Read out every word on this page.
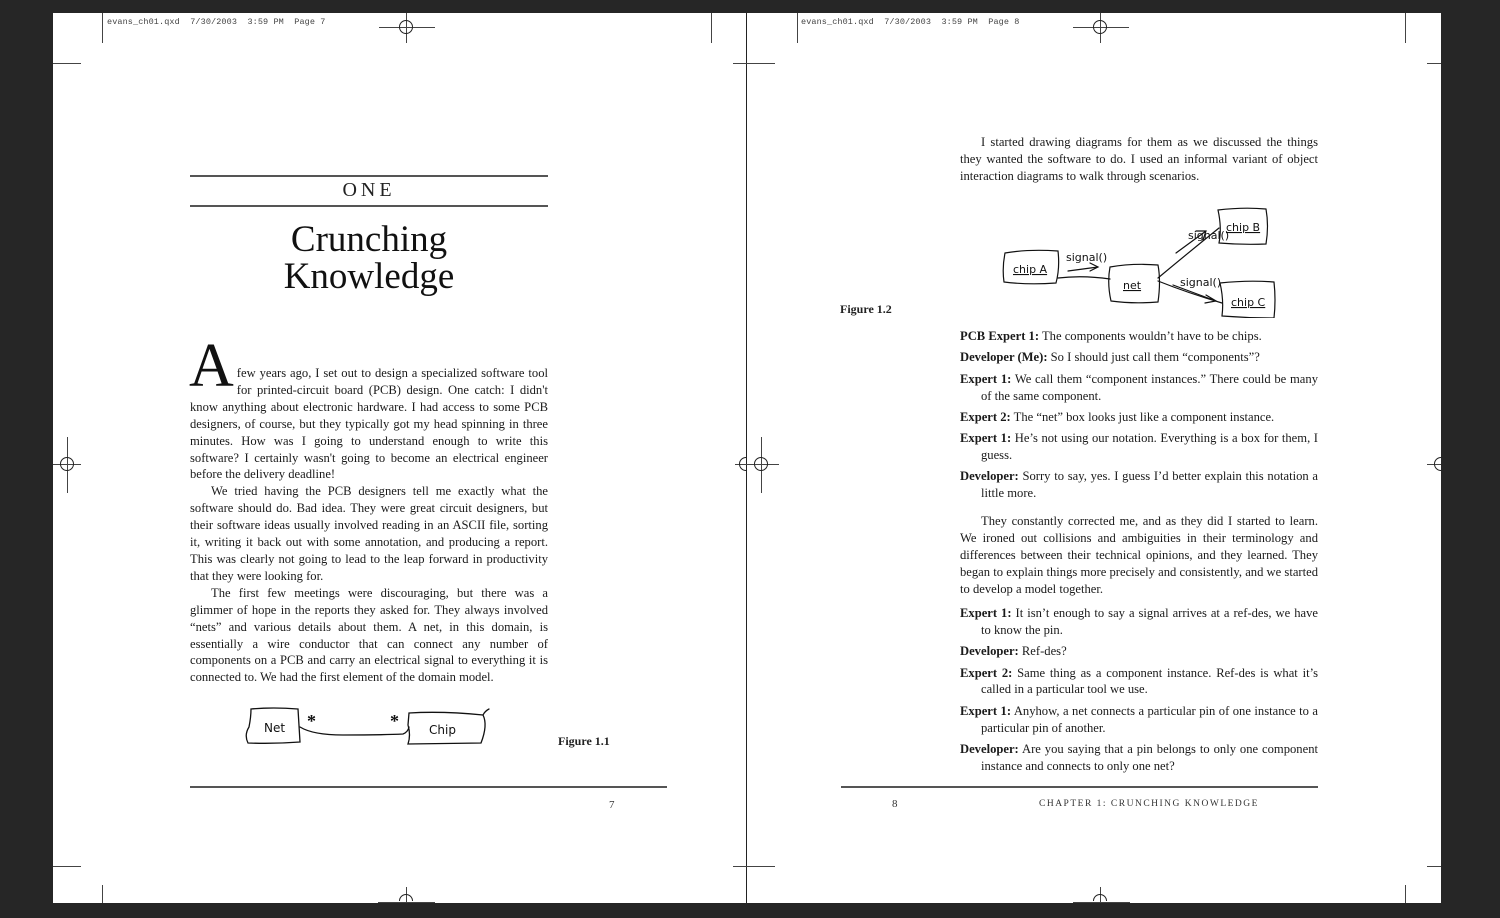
evans_ch01.qxd 7/30/2003 3:59 PM Page 7
ONE
Crunching
Knowledge

A few years ago, I set out to design a specialized software tool for printed-circuit board (PCB) design. One catch: I didn't know anything about electronic hardware. I had access to some PCB designers, of course, but they typically got my head spinning in three minutes. How was I going to understand enough to write this software? I certainly wasn't going to become an electrical engineer before the delivery deadline!

We tried having the PCB designers tell me exactly what the software should do. Bad idea. They were great circuit designers, but their software ideas usually involved reading in an ASCII file, sorting it, writing it back out with some annotation, and producing a report. This was clearly not going to lead to the leap forward in productivity that they were looking for.

The first few meetings were discouraging, but there was a glimmer of hope in the reports they asked for. They always involved “nets” and various details about them. A net, in this domain, is essentially a wire conductor that can connect any number of components on a PCB and carry an electrical signal to everything it is connected to. We had the first element of the domain model.

Net	Chip
*	*
Figure 1.1
7
evans_ch01.qxd 7/30/2003 3:59 PM Page 8

I started drawing diagrams for them as we discussed the things they wanted the software to do. I used an informal variant of object interaction diagrams to walk through scenarios.

chip A
net
chip B
chip C
signal()
signal()
signal()
Figure 1.2
PCB Expert 1: The components wouldn’t have to be chips.
Developer (Me): So I should just call them “components”?
Expert 1: We call them “component instances.” There could be many of the same component.
Expert 2: The “net” box looks just like a component instance.
Expert 1: He’s not using our notation. Everything is a box for them, I guess.
Developer: Sorry to say, yes. I guess I’d better explain this notation a little more.

They constantly corrected me, and as they did I started to learn. We ironed out collisions and ambiguities in their terminology and differences between their technical opinions, and they learned. They began to explain things more precisely and consistently, and we started to develop a model together.

Expert 1: It isn’t enough to say a signal arrives at a ref-des, we have to know the pin.
Developer: Ref-des?
Expert 2: Same thing as a component instance. Ref-des is what it’s called in a particular tool we use.
Expert 1: Anyhow, a net connects a particular pin of one instance to a particular pin of another.
Developer: Are you saying that a pin belongs to only one component instance and connects to only one net?
8	CHAPTER 1: CRUNCHING KNOWLEDGE
